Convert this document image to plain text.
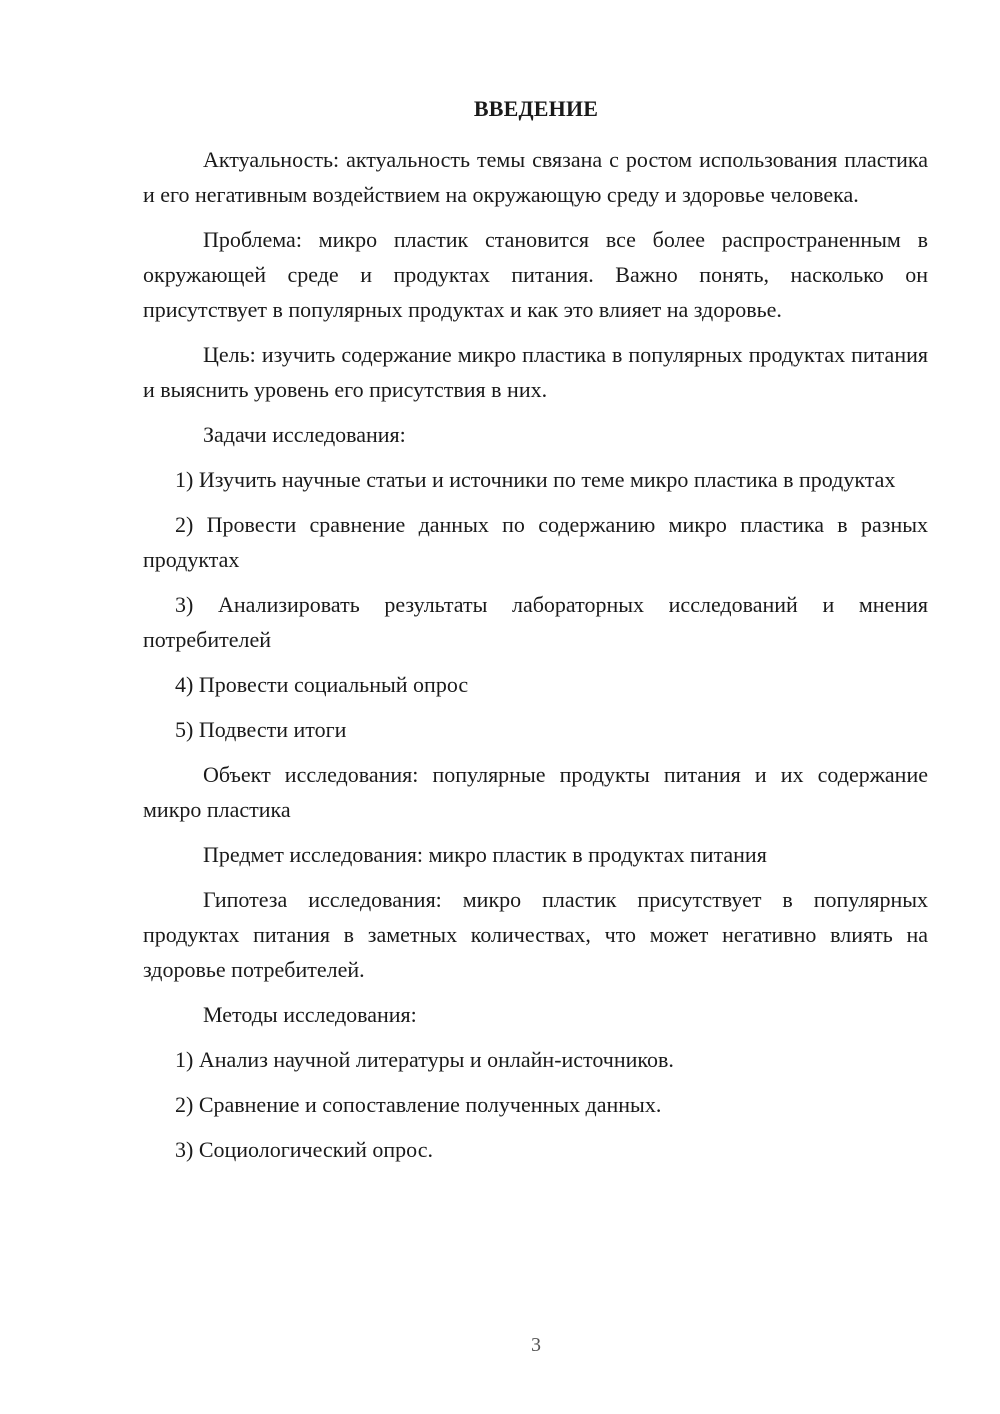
ВВЕДЕНИЕ

Актуальность: актуальность темы связана с ростом использования пластика и его негативным воздействием на окружающую среду и здоровье человека.

Проблема: микро пластик становится все более распространенным в окружающей среде и продуктах питания. Важно понять, насколько он присутствует в популярных продуктах и как это влияет на здоровье.

Цель: изучить содержание микро пластика в популярных продуктах питания и выяснить уровень его присутствия в них.

Задачи исследования:

1) Изучить научные статьи и источники по теме микро пластика в продуктах

2) Провести сравнение данных по содержанию микро пластика в разных продуктах

3) Анализировать результаты лабораторных исследований и мнения потребителей

4) Провести социальный опрос

5) Подвести итоги

Объект исследования: популярные продукты питания и их содержание микро пластика

Предмет исследования: микро пластик в продуктах питания

Гипотеза исследования: микро пластик присутствует в популярных продуктах питания в заметных количествах, что может негативно влиять на здоровье потребителей.

Методы исследования:

1) Анализ научной литературы и онлайн-источников.

2) Сравнение и сопоставление полученных данных.

3) Социологический опрос.

3
